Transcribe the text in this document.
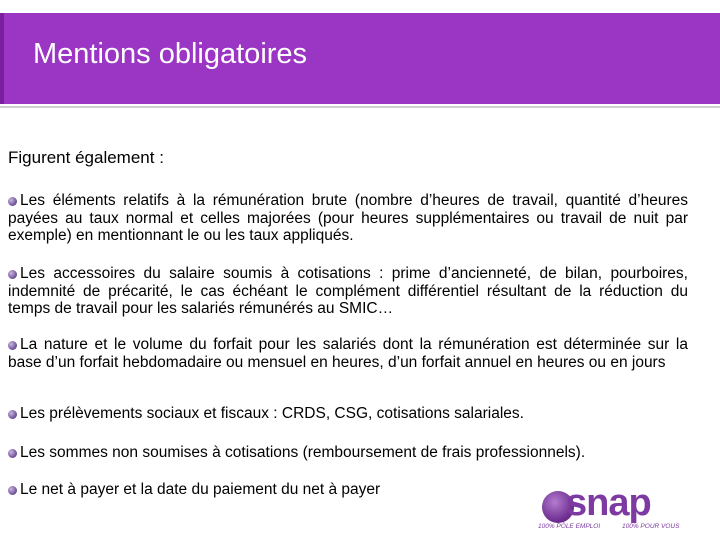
Mentions obligatoires
Figurent également :
Les éléments relatifs à la rémunération brute (nombre d’heures de travail, quantité d’heures payées au taux normal et celles majorées (pour heures supplémentaires ou travail de nuit par exemple) en mentionnant le ou les taux appliqués.
Les accessoires du salaire soumis à cotisations : prime d’ancienneté, de bilan, pourboires, indemnité de précarité, le cas échéant le complément différentiel résultant de la réduction du temps de travail pour les salariés rémunérés au SMIC…
La nature et le volume du forfait pour les salariés dont la rémunération est déterminée sur la base d’un forfait hebdomadaire ou mensuel en heures, d’un forfait annuel en heures ou en jours
Les prélèvements sociaux et fiscaux : CRDS, CSG, cotisations salariales.
Les sommes non soumises à cotisations (remboursement de frais professionnels).
Le net à payer et la date du paiement du net à payer	snap
100% PÔLE EMPLOI	100% POUR VOUS
